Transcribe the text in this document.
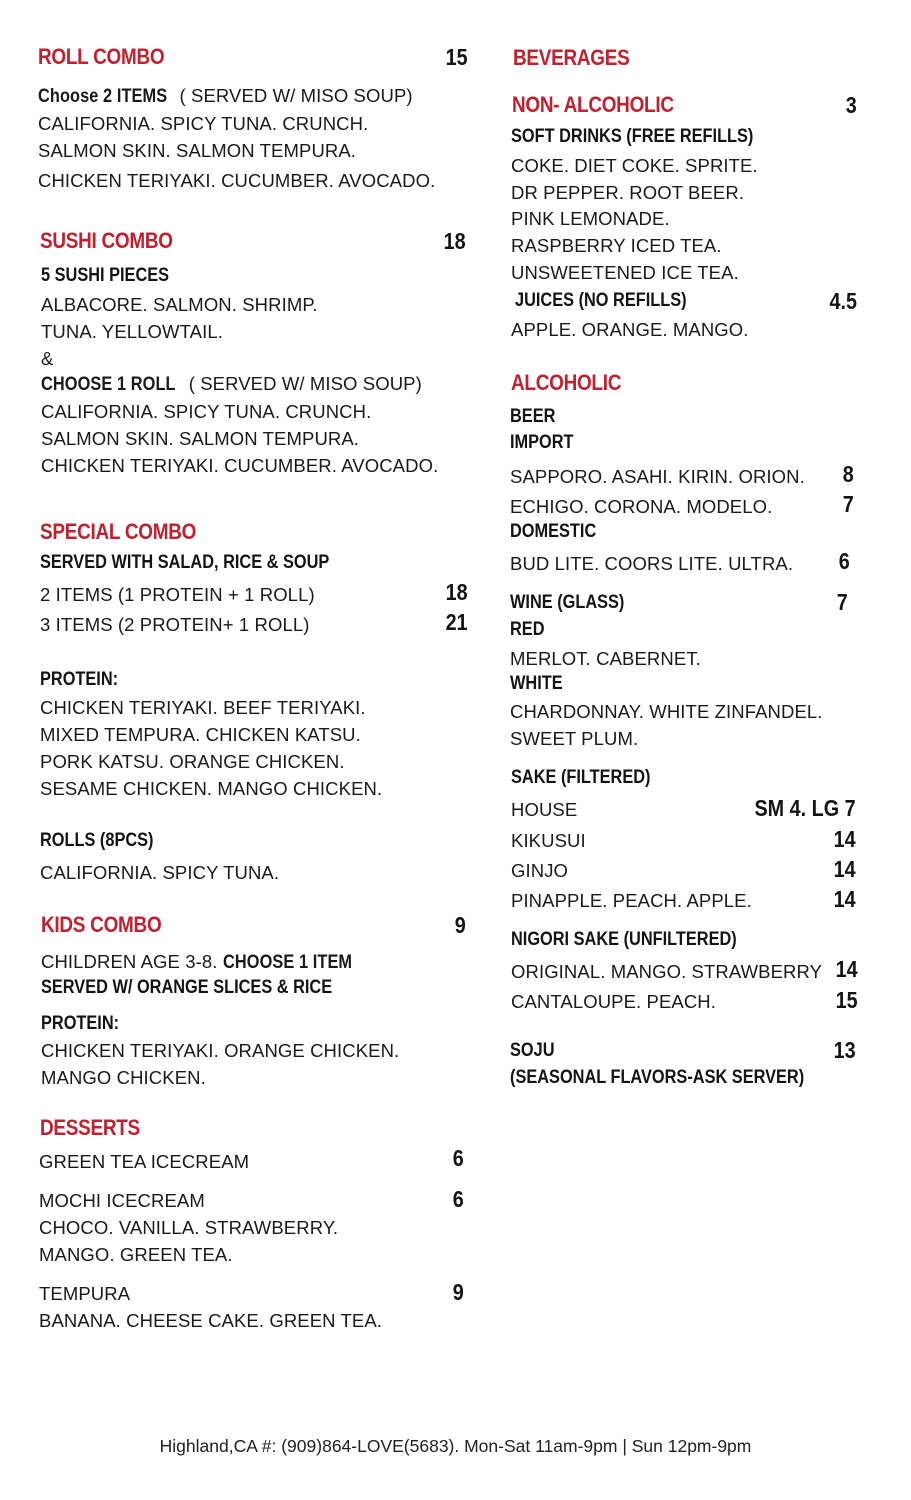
ROLL COMBO	15
Choose 2 ITEMS ( SERVED W/ MISO SOUP)
CALIFORNIA. SPICY TUNA. CRUNCH.
SALMON SKIN. SALMON TEMPURA.
CHICKEN TERIYAKI. CUCUMBER. AVOCADO.
SUSHI COMBO	18
5 SUSHI PIECES
ALBACORE. SALMON. SHRIMP.
TUNA. YELLOWTAIL.
&
CHOOSE 1 ROLL ( SERVED W/ MISO SOUP)
CALIFORNIA. SPICY TUNA. CRUNCH.
SALMON SKIN. SALMON TEMPURA.
CHICKEN TERIYAKI. CUCUMBER. AVOCADO.
SPECIAL COMBO
SERVED WITH SALAD, RICE & SOUP
2 ITEMS (1 PROTEIN + 1 ROLL)	18
3 ITEMS (2 PROTEIN+ 1 ROLL)	21
PROTEIN:
CHICKEN TERIYAKI. BEEF TERIYAKI.
MIXED TEMPURA. CHICKEN KATSU.
PORK KATSU. ORANGE CHICKEN.
SESAME CHICKEN. MANGO CHICKEN.
ROLLS (8PCS)
CALIFORNIA. SPICY TUNA.
KIDS COMBO	9
CHILDREN AGE 3-8. CHOOSE 1 ITEM
SERVED W/ ORANGE SLICES & RICE
PROTEIN:
CHICKEN TERIYAKI. ORANGE CHICKEN.
MANGO CHICKEN.
DESSERTS
GREEN TEA ICECREAM	6
MOCHI ICECREAM	6
CHOCO. VANILLA. STRAWBERRY.
MANGO. GREEN TEA.
TEMPURA	9
BANANA. CHEESE CAKE. GREEN TEA.
BEVERAGES
NON- ALCOHOLIC	3
SOFT DRINKS (FREE REFILLS)
COKE. DIET COKE. SPRITE.
DR PEPPER. ROOT BEER.
PINK LEMONADE.
RASPBERRY ICED TEA.
UNSWEETENED ICE TEA.
JUICES (NO REFILLS)	4.5
APPLE. ORANGE. MANGO.
ALCOHOLIC
BEER
IMPORT
SAPPORO. ASAHI. KIRIN. ORION. 8
ECHIGO. CORONA. MODELO.	7
DOMESTIC
BUD LITE. COORS LITE. ULTRA. 6
WINE (GLASS)	7
RED
MERLOT. CABERNET.
WHITE
CHARDONNAY. WHITE ZINFANDEL.
SWEET PLUM.
SAKE (FILTERED)
HOUSE	SM 4. LG 7
KIKUSUI	14
GINJO	14
PINAPPLE. PEACH. APPLE.	14
NIGORI SAKE (UNFILTERED)
ORIGINAL. MANGO. STRAWBERRY 14
CANTALOUPE. PEACH.	15
SOJU	13
(SEASONAL FLAVORS-ASK SERVER)
Highland,CA #: (909)864-LOVE(5683). Mon-Sat 11am-9pm | Sun 12pm-9pm
